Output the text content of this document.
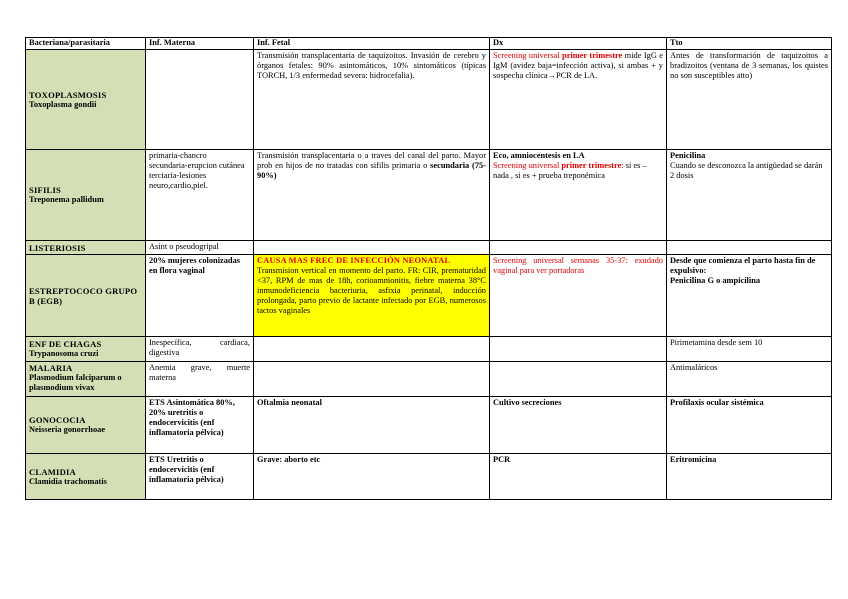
Bacteriana/parasitaria	Inf. Materna	Inf. Fetal	Dx	Tto

TOXOPLASMOSIS
Toxoplasma gondii		Transmisión transplacentaria de taquizoitos. Invasión de cerebro y órganos fetales: 90% asintomáticos, 10% sintomáticos (típicas TORCH, 1/3 enfermedad severa: hidrocefalia).	Screening universal primer trimestre mide IgG e IgM (avidez baja=infección activa), si ambas + y sospecha clínica→PCR de LA.	Antes de transformación de taquizoitos a bradizoitos (ventana de 3 semanas, los quistes no son susceptibles atto)

SIFILIS
Treponema pallidum	primaria-chancro
secundaria-erupcion cutánea
terciaria-lesiones neuro,cardio,piel.	Transmisión transplacentaria o a traves del canal del parto. Mayor prob en hijos de no tratadas con sifilis primaria o secundaria (75-90%)	Eco, amniocentesis en LA
Screening universal primer trimestre: si es – nada , si es + prueba treponémica	Penicilina
Cuando se desconozca la antigüedad se darán 2 dosis

LISTERIOSIS	Asint o pseudogripal			

ESTREPTOCOCO GRUPO B (EGB)	20% mujeres colonizadas en flora vaginal	CAUSA MAS FREC DE INFECCIÓN NEONATAL
Transmision vertical en momento del parto. FR: CIR, prematuridad <37, RPM de mas de 18h, corioamnionitis, fiebre materna 38°C inmunodeficiencia bacteriuria, asfixia perinatal, inducción prolongada, parto previo de lactante infectado por EGB, numerosos tactos vaginales	Screening universal semanas 35-37: exudado vaginal para ver portadoras	Desde que comienza el parto hasta fin de expulsivo:
Penicilina G o ampicilina

ENF DE CHAGAS
Trypanosoma cruzi	Inespecífica, cardiaca, digestiva			Pirimetamina desde sem 10

MALARIA
Plasmodium falciparum o plasmodium vivax	Anemia grave, muerte materna			Antimaláricos

GONOCOCIA
Neisseria gonorrhoae	ETS Asintomática 80%, 20% uretritis o endocervicitis (enf inflamatoria pélvica)	Oftalmia neonatal	Cultivo secreciones	Profilaxis ocular sistémica

CLAMIDIA
Clamidia trachomatis	ETS Uretritis o endocervicitis (enf inflamatoria pélvica)	Grave: aborto etc	PCR	Eritromicina
